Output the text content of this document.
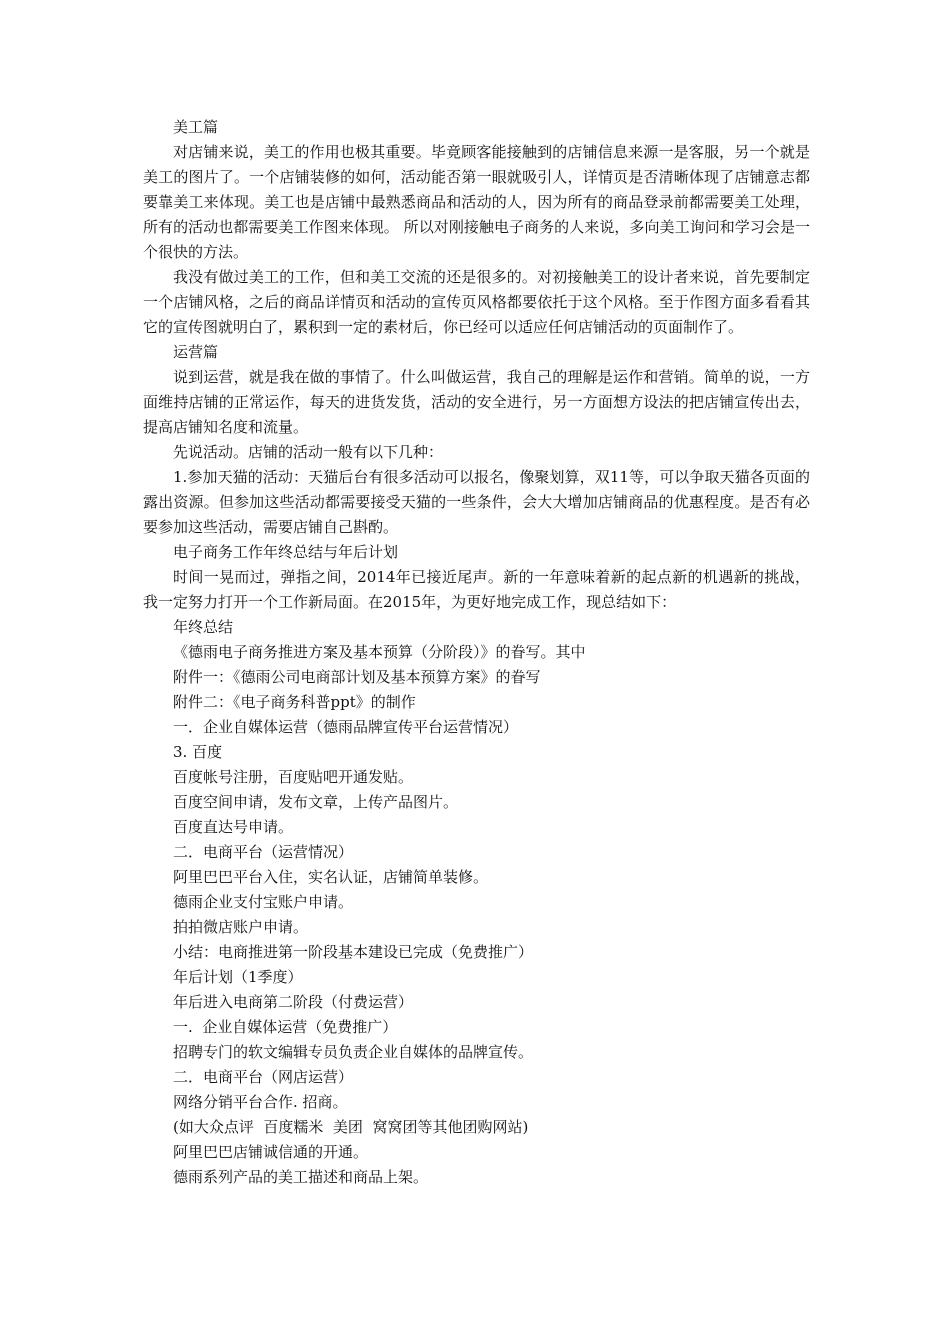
美工篇

对店铺来说，美工的作用也极其重要。毕竟顾客能接触到的店铺信息来源一是客服，另一个就是美工的图片了。一个店铺装修的如何，活动能否第一眼就吸引人，详情页是否清晰体现了店铺意志都要靠美工来体现。美工也是店铺中最熟悉商品和活动的人，因为所有的商品登录前都需要美工处理，所有的活动也都需要美工作图来体现。 所以对刚接触电子商务的人来说，多向美工询问和学习会是一个很快的方法。

我没有做过美工的工作，但和美工交流的还是很多的。对初接触美工的设计者来说，首先要制定一个店铺风格，之后的商品详情页和活动的宣传页风格都要依托于这个风格。至于作图方面多看看其它的宣传图就明白了，累积到一定的素材后，你已经可以适应任何店铺活动的页面制作了。

运营篇

说到运营，就是我在做的事情了。什么叫做运营，我自己的理解是运作和营销。简单的说，一方面维持店铺的正常运作，每天的进货发货，活动的安全进行，另一方面想方设法的把店铺宣传出去，提高店铺知名度和流量。

先说活动。店铺的活动一般有以下几种：

1.参加天猫的活动：天猫后台有很多活动可以报名，像聚划算，双11等，可以争取天猫各页面的露出资源。但参加这些活动都需要接受天猫的一些条件，会大大增加店铺商品的优惠程度。是否有必要参加这些活动，需要店铺自己斟酌。

电子商务工作年终总结与年后计划

时间一晃而过，弹指之间，2014年已接近尾声。新的一年意味着新的起点新的机遇新的挑战，我一定努力打开一个工作新局面。在2015年，为更好地完成工作，现总结如下：

年终总结

《德雨电子商务推进方案及基本预算（分阶段）》的眷写。其中

附件一：《德雨公司电商部计划及基本预算方案》的眷写

附件二：《电子商务科普ppt》的制作

一．企业自媒体运营（德雨品牌宣传平台运营情况）

3. 百度

百度帐号注册，百度贴吧开通发贴。

百度空间申请，发布文章，上传产品图片。

百度直达号申请。

二．电商平台（运营情况）

阿里巴巴平台入住，实名认证，店铺简单装修。

德雨企业支付宝账户申请。

拍拍微店账户申请。

小结：电商推进第一阶段基本建设已完成（免费推广）

年后计划（1季度）

年后进入电商第二阶段（付费运营）

一.  企业自媒体运营（免费推广）

招聘专门的软文编辑专员负责企业自媒体的品牌宣传。

二．电商平台（网店运营）

网络分销平台合作. 招商。

(如大众点评  百度糯米  美团  窝窝团等其他团购网站)

阿里巴巴店铺诚信通的开通。

德雨系列产品的美工描述和商品上架。
